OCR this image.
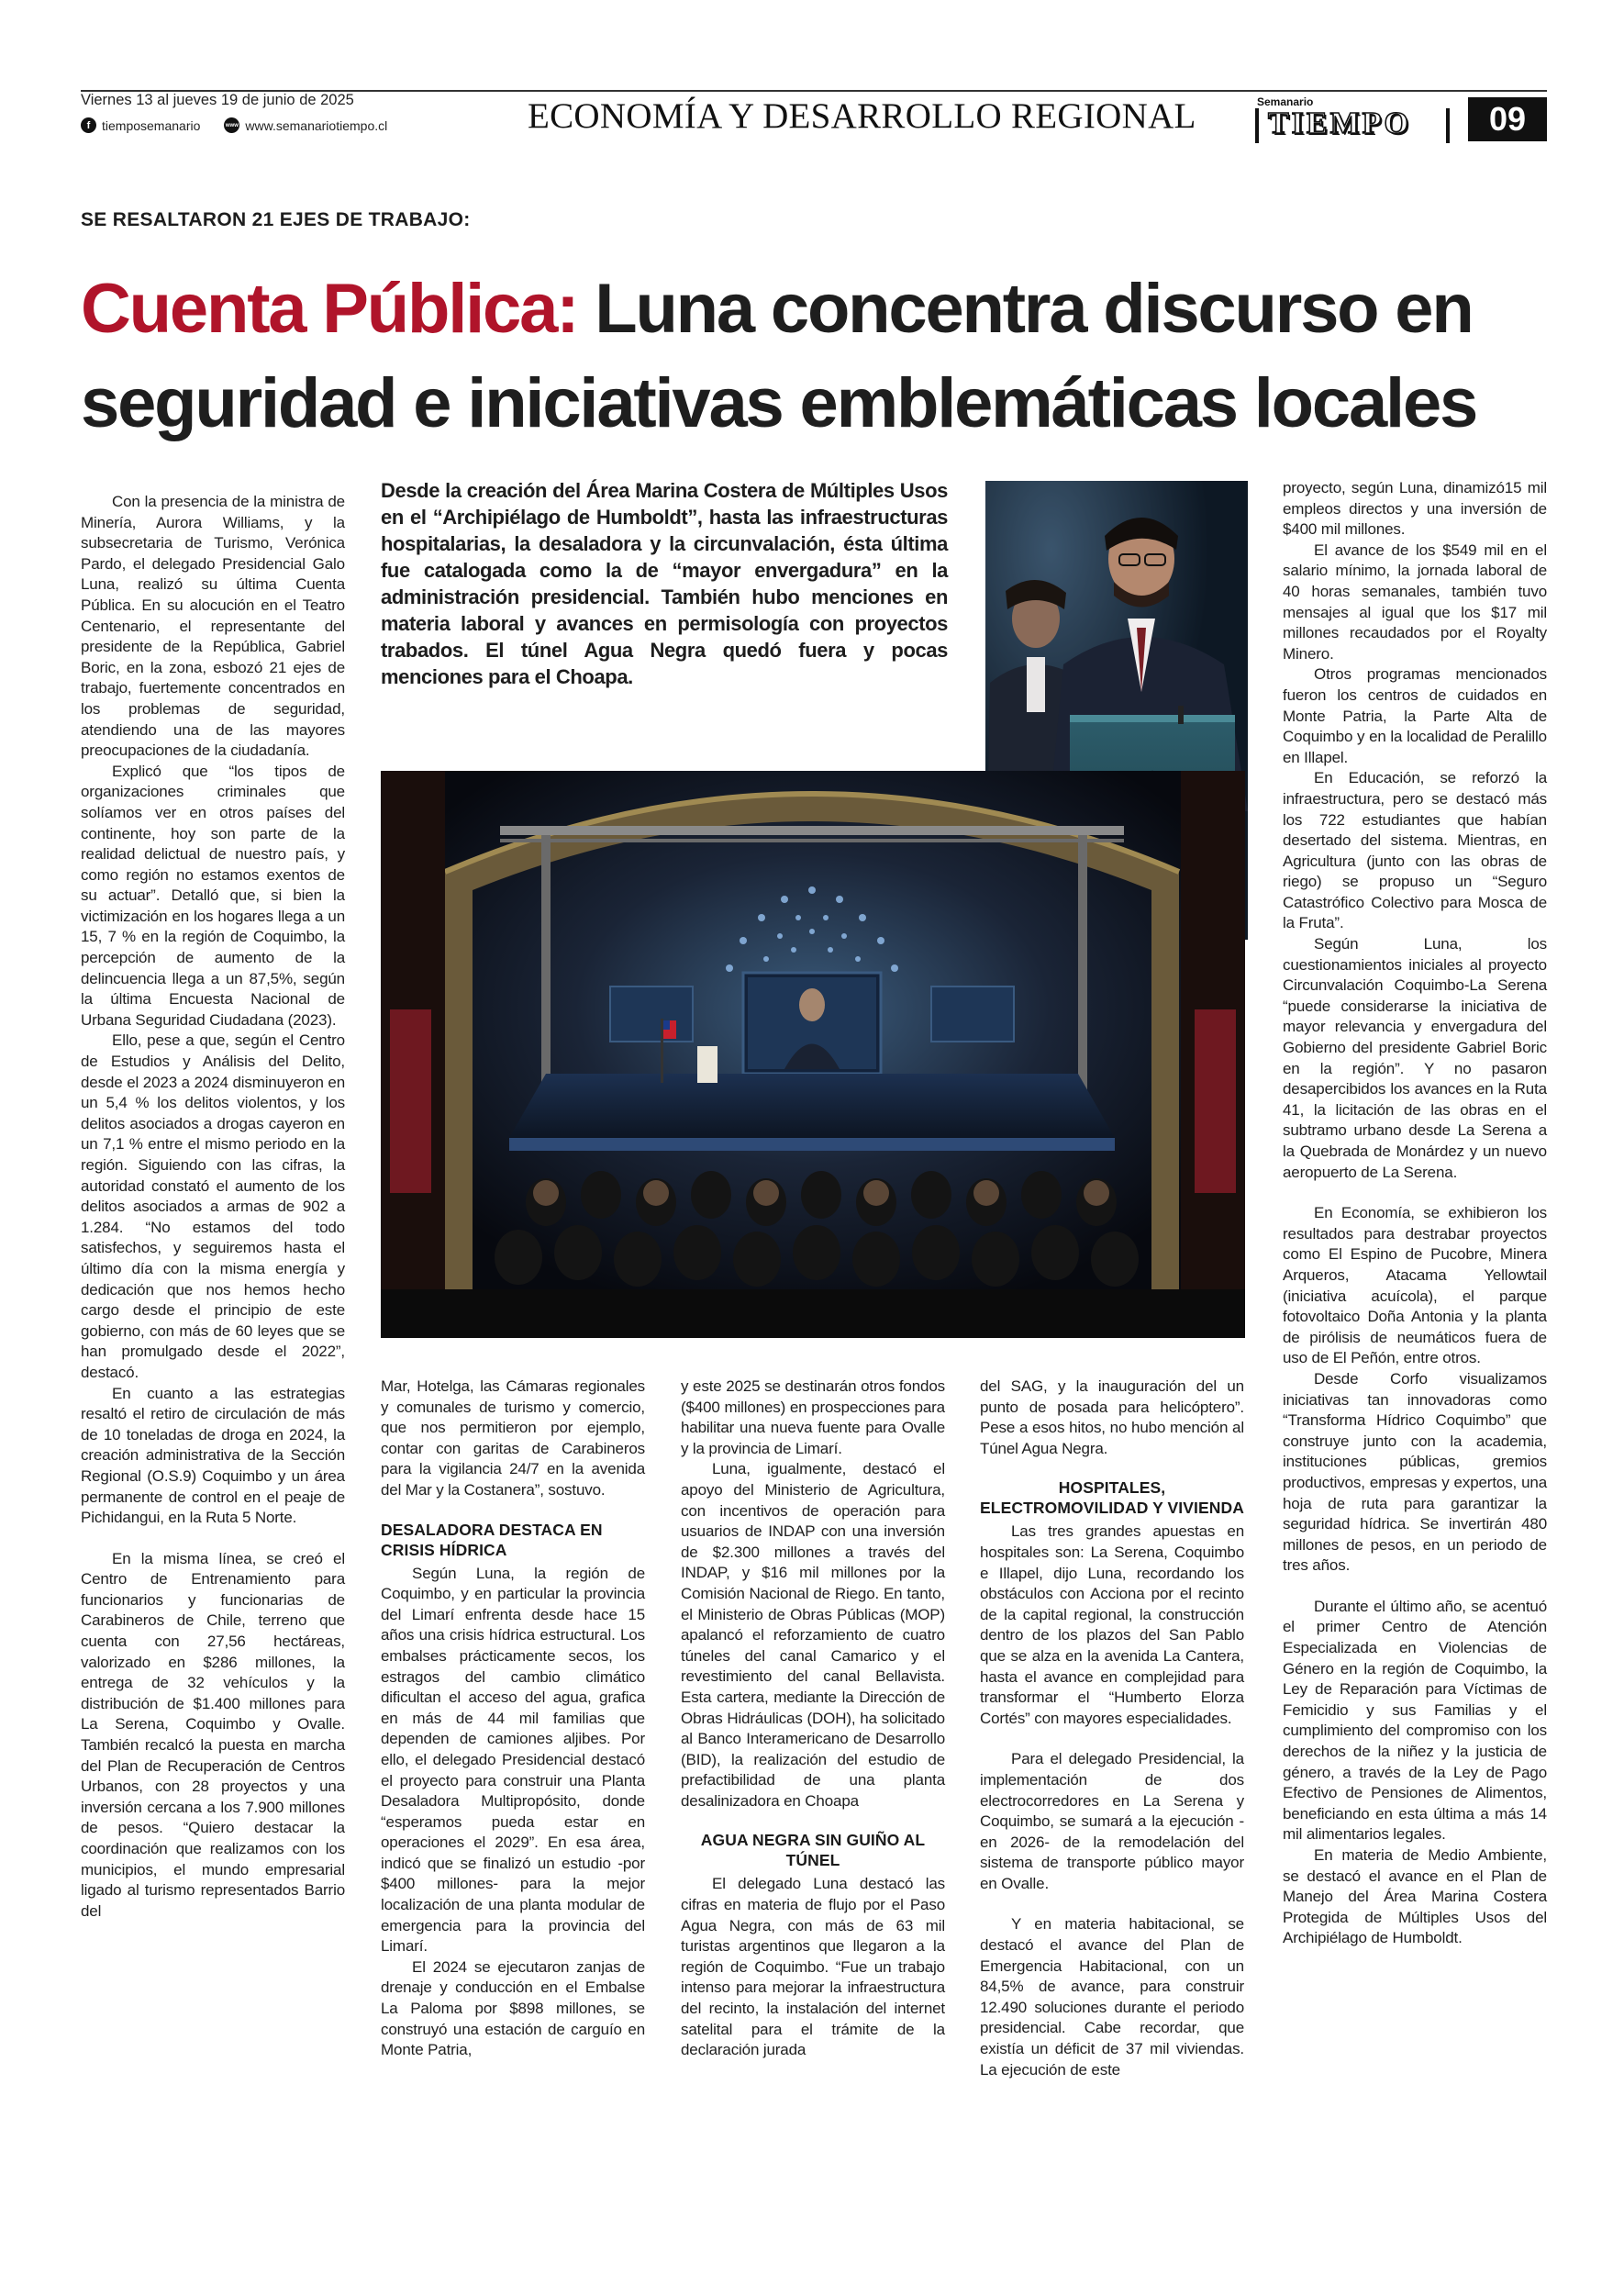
Viernes 13 al jueves 19 de junio de 2025
f tiemposemanario	www www.semanariotiempo.cl	ECONOMÍA Y DESARROLLO REGIONAL	Semanario
TIEMPO	09
SE RESALTARON 21 EJES DE TRABAJO:
Cuenta Pública: Luna concentra discurso en
seguridad e iniciativas emblemáticas locales
Desde la creación del Área Marina Costera de Múltiples Usos en el “Archipiélago de Humboldt”, hasta las infraestructuras hospitalarias, la desaladora y la circunvalación, ésta última fue catalogada como la de “mayor envergadura” en la administración presidencial. También hubo menciones en materia laboral y avances en permisología con proyectos trabados. El túnel Agua Negra quedó fuera y pocas menciones para el Choapa.

Con la presencia de la ministra de Minería, Aurora Williams, y la subsecretaria de Turismo, Verónica Pardo, el delegado Presidencial Galo Luna, realizó su última Cuenta Pública. En su alocución en el Teatro Centenario, el representante del presidente de la República, Gabriel Boric, en la zona, esbozó 21 ejes de trabajo, fuertemente concentrados en los problemas de seguridad, atendiendo una de las mayores preocupaciones de la ciudadanía.

Explicó que “los tipos de organizaciones criminales que solíamos ver en otros países del continente, hoy son parte de la realidad delictual de nuestro país, y como región no estamos exentos de su actuar”. Detalló que, si bien la victimización en los hogares llega a un 15, 7 % en la región de Coquimbo, la percepción de aumento de la delincuencia llega a un 87,5%, según la última Encuesta Nacional de Urbana Seguridad Ciudadana (2023).

Ello, pese a que, según el Centro de Estudios y Análisis del Delito, desde el 2023 a 2024 disminuyeron en un 5,4 % los delitos violentos, y los delitos asociados a drogas cayeron en un 7,1 % entre el mismo periodo en la región. Siguiendo con las cifras, la autoridad constató el aumento de los delitos asociados a armas de 902 a 1.284. “No estamos del todo satisfechos, y seguiremos hasta el último día con la misma energía y dedicación que nos hemos hecho cargo desde el principio de este gobierno, con más de 60 leyes que se han promulgado desde el 2022”, destacó.

En cuanto a las estrategias resaltó el retiro de circulación de más de 10 toneladas de droga en 2024, la creación administrativa de la Sección Regional (O.S.9) Coquimbo y un área permanente de control en el peaje de Pichidangui, en la Ruta 5 Norte.

En la misma línea, se creó el Centro de Entrenamiento para funcionarios y funcionarias de Carabineros de Chile, terreno que cuenta con 27,56 hectáreas, valorizado en $286 millones, la entrega de 32 vehículos y la distribución de $1.400 millones para La Serena, Coquimbo y Ovalle. También recalcó la puesta en marcha del Plan de Recuperación de Centros Urbanos, con 28 proyectos y una inversión cercana a los 7.900 millones de pesos. “Quiero destacar la coordinación que realizamos con los municipios, el mundo empresarial ligado al turismo representados Barrio del

Mar, Hotelga, las Cámaras regionales y comunales de turismo y comercio, que nos permitieron por ejemplo, contar con garitas de Carabineros para la vigilancia 24/7 en la avenida del Mar y la Costanera”, sostuvo.

DESALADORA DESTACA EN CRISIS HÍDRICA

Según Luna, la región de Coquimbo, y en particular la provincia del Limarí enfrenta desde hace 15 años una crisis hídrica estructural. Los embalses prácticamente secos, los estragos del cambio climático dificultan el acceso del agua, grafica en más de 44 mil familias que dependen de camiones aljibes. Por ello, el delegado Presidencial destacó el proyecto para construir una Planta Desaladora Multipropósito, donde “esperamos pueda estar en operaciones el 2029”. En esa área, indicó que se finalizó un estudio -por $400 millones- para la mejor localización de una planta modular de emergencia para la provincia del Limarí.

El 2024 se ejecutaron zanjas de drenaje y conducción en el Embalse La Paloma por $898 millones, se construyó una estación de carguío en Monte Patria,

y este 2025 se destinarán otros fondos ($400 millones) en prospecciones para habilitar una nueva fuente para Ovalle y la provincia de Limarí.

Luna, igualmente, destacó el apoyo del Ministerio de Agricultura, con incentivos de operación para usuarios de INDAP con una inversión de $2.300 millones a través del INDAP, y $16 mil millones por la Comisión Nacional de Riego. En tanto, el Ministerio de Obras Públicas (MOP) apalancó el reforzamiento de cuatro túneles del canal Camarico y el revestimiento del canal Bellavista. Esta cartera, mediante la Dirección de Obras Hidráulicas (DOH), ha solicitado al Banco Interamericano de Desarrollo (BID), la realización del estudio de prefactibilidad de una planta desalinizadora en Choapa

AGUA NEGRA SIN GUIÑO AL TÚNEL

El delegado Luna destacó las cifras en materia de flujo por el Paso Agua Negra, con más de 63 mil turistas argentinos que llegaron a la región de Coquimbo. “Fue un trabajo intenso para mejorar la infraestructura del recinto, la instalación del internet satelital para el trámite de la declaración jurada

del SAG, y la inauguración del un punto de posada para helicóptero”. Pese a esos hitos, no hubo mención al Túnel Agua Negra.

HOSPITALES, ELECTROMOVILIDAD Y VIVIENDA

Las tres grandes apuestas en hospitales son: La Serena, Coquimbo e Illapel, dijo Luna, recordando los obstáculos con Acciona por el recinto de la capital regional, la construcción dentro de los plazos del San Pablo que se alza en la avenida La Cantera, hasta el avance en complejidad para transformar el “Humberto Elorza Cortés” con mayores especialidades.

Para el delegado Presidencial, la implementación de dos electrocorredores en La Serena y Coquimbo, se sumará a la ejecución -en 2026- de la remodelación del sistema de transporte público mayor en Ovalle.

Y en materia habitacional, se destacó el avance del Plan de Emergencia Habitacional, con un 84,5% de avance, para construir 12.490 soluciones durante el periodo presidencial. Cabe recordar, que existía un déficit de 37 mil viviendas. La ejecución de este

proyecto, según Luna, dinamizó15 mil empleos directos y una inversión de $400 mil millones.

El avance de los $549 mil en el salario mínimo, la jornada laboral de 40 horas semanales, también tuvo mensajes al igual que los $17 mil millones recaudados por el Royalty Minero.

Otros programas mencionados fueron los centros de cuidados en Monte Patria, la Parte Alta de Coquimbo y en la localidad de Peralillo en Illapel.

En Educación, se reforzó la infraestructura, pero se destacó más los 722 estudiantes que habían desertado del sistema. Mientras, en Agricultura (junto con las obras de riego) se propuso un “Seguro Catastrófico Colectivo para Mosca de la Fruta”.

Según Luna, los cuestionamientos iniciales al proyecto Circunvalación Coquimbo-La Serena “puede considerarse la iniciativa de mayor relevancia y envergadura del Gobierno del presidente Gabriel Boric en la región”. Y no pasaron desapercibidos los avances en la Ruta 41, la licitación de las obras en el subtramo urbano desde La Serena a la Quebrada de Monárdez y un nuevo aeropuerto de La Serena.

En Economía, se exhibieron los resultados para destrabar proyectos como El Espino de Pucobre, Minera Arqueros, Atacama Yellowtail (iniciativa acuícola), el parque fotovoltaico Doña Antonia y la planta de pirólisis de neumáticos fuera de uso de El Peñón, entre otros.

Desde Corfo visualizamos iniciativas tan innovadoras como “Transforma Hídrico Coquimbo” que construye junto con la academia, instituciones públicas, gremios productivos, empresas y expertos, una hoja de ruta para garantizar la seguridad hídrica. Se invertirán 480 millones de pesos, en un periodo de tres años.

Durante el último año, se acentuó el primer Centro de Atención Especializada en Violencias de Género en la región de Coquimbo, la Ley de Reparación para Víctimas de Femicidio y sus Familias y el cumplimiento del compromiso con los derechos de la niñez y la justicia de género, a través de la Ley de Pago Efectivo de Pensiones de Alimentos, beneficiando en esta última a más 14 mil alimentarios legales.

En materia de Medio Ambiente, se destacó el avance en el Plan de Manejo del Área Marina Costera Protegida de Múltiples Usos del Archipiélago de Humboldt.
